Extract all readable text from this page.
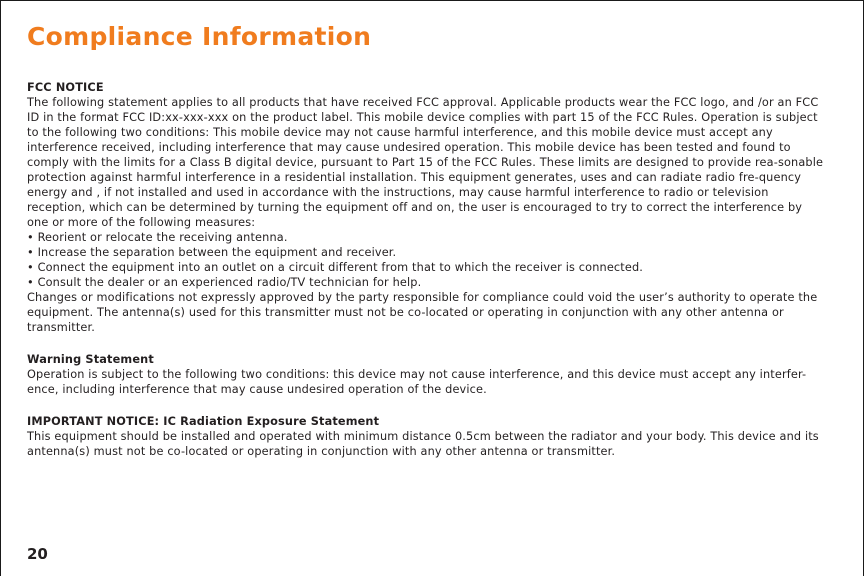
Compliance Information

FCC NOTICE

The following statement applies to all products that have received FCC approval. Applicable products wear the FCC logo, and /or an FCC ID in the format FCC ID:xx-xxx-xxx on the product label. This mobile device complies with part 15 of the FCC Rules. Operation is subject to the following two conditions: This mobile device may not cause harmful interference, and this mobile device must accept any interference received, including interference that may cause undesired operation. This mobile device has been tested and found to comply with the limits for a Class B digital device, pursuant to Part 15 of the FCC Rules. These limits are designed to provide rea-sonable protection against harmful interference in a residential installation. This equipment generates, uses and can radiate radio fre-quency energy and , if not installed and used in accordance with the instructions, may cause harmful interference to radio or television reception, which can be determined by turning the equipment off and on, the user is encouraged to try to correct the interference by one or more of the following measures:

• Reorient or relocate the receiving antenna.
• Increase the separation between the equipment and receiver.
• Connect the equipment into an outlet on a circuit different from that to which the receiver is connected.
• Consult the dealer or an experienced radio/TV technician for help.

Changes or modifications not expressly approved by the party responsible for compliance could void the user’s authority to operate the equipment. The antenna(s) used for this transmitter must not be co-located or operating in conjunction with any other antenna or transmitter.

Warning Statement

Operation is subject to the following two conditions: this device may not cause interference, and this device must accept any interfer-ence, including interference that may cause undesired operation of the device.

IMPORTANT NOTICE: IC Radiation Exposure Statement

This equipment should be installed and operated with minimum distance 0.5cm between the radiator and your body. This device and its antenna(s) must not be co-located or operating in conjunction with any other antenna or transmitter.

20
